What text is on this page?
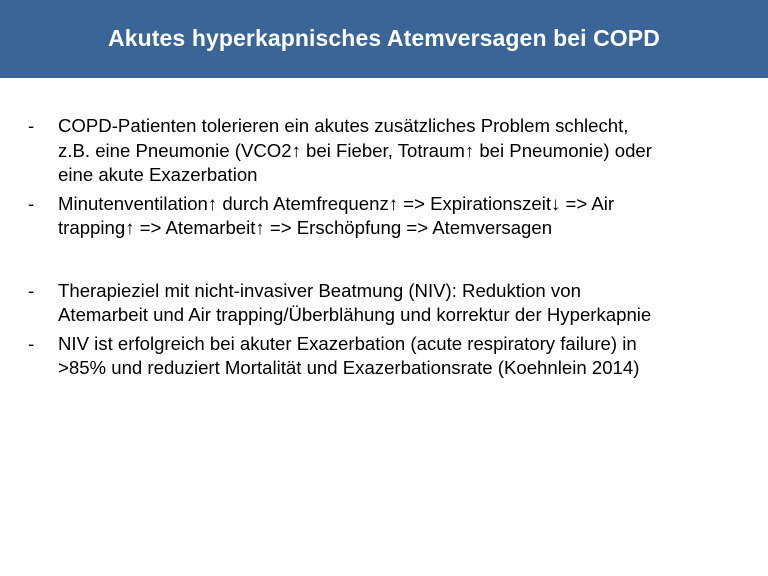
Akutes hyperkapnisches Atemversagen bei COPD
- COPD-Patienten tolerieren ein akutes zusätzliches Problem schlecht,
z.B. eine Pneumonie (VCO2↑ bei Fieber, Totraum↑ bei Pneumonie) oder
eine akute Exazerbation
- Minutenventilation↑ durch Atemfrequenz↑ => Expirationszeit↓ => Air
trapping↑ => Atemarbeit↑ => Erschöpfung => Atemversagen
- Therapieziel mit nicht-invasiver Beatmung (NIV): Reduktion von
Atemarbeit und Air trapping/Überblähung und korrektur der Hyperkapnie
- NIV ist erfolgreich bei akuter Exazerbation (acute respiratory failure) in
>85% und reduziert Mortalität und Exazerbationsrate (Koehnlein 2014)
